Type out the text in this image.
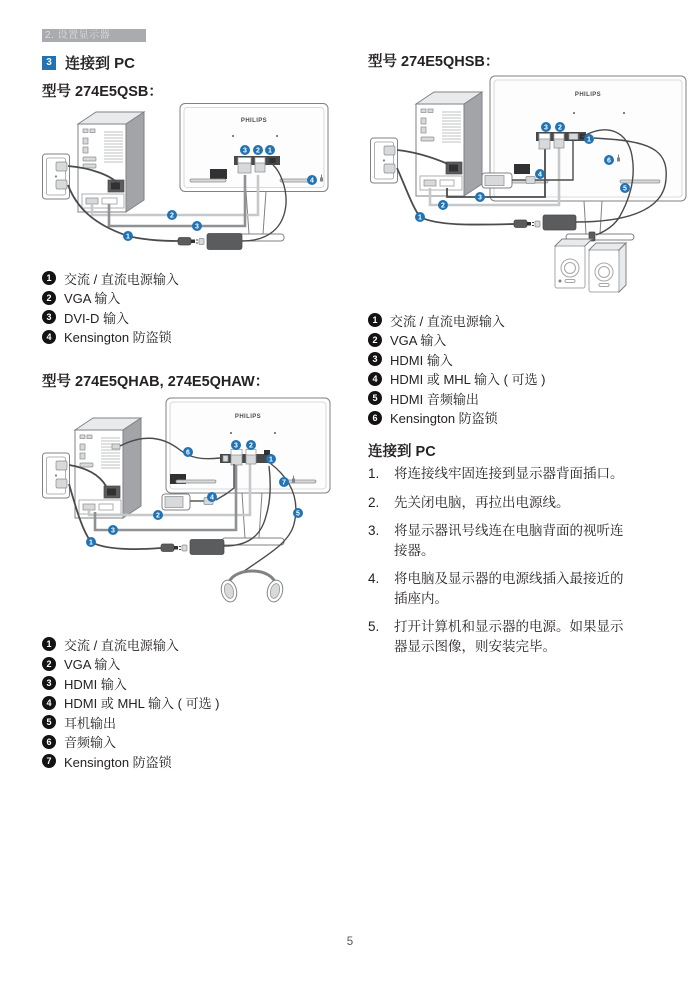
2. 设置显示器
3 连接到 PC
型号 274E5QSB：
PHILIPS
3 2 1
4
2
3
1
1 交流 / 直流电源输入
2 VGA 输入
3 DVI-D 输入
4 Kensington 防盗锁
型号 274E5QHAB, 274E5QHAW：
PHILIPS
6
3 2
1
7
4
5
2
3
1
1 交流 / 直流电源输入
2 VGA 输入
3 HDMI 输入
4 HDMI 或 MHL 输入 ( 可选 )
5 耳机输出
6 音频输入
7 Kensington 防盗锁
型号 274E5QHSB：
PHILIPS
3 2
1
6
4
5
3
2
1
1 交流 / 直流电源输入
2 VGA 输入
3 HDMI 输入
4 HDMI 或 MHL 输入 ( 可选 )
5 HDMI 音频输出
6 Kensington 防盗锁
连接到 PC
1.	将连接线牢固连接到显示器背面插口。
2.	先关闭电脑，再拉出电源线。
3.	将显示器讯号线连在电脑背面的视听连接器。
4.	将电脑及显示器的电源线插入最接近的插座内。
5.	打开计算机和显示器的电源。如果显示器显示图像，则安装完毕。
5
